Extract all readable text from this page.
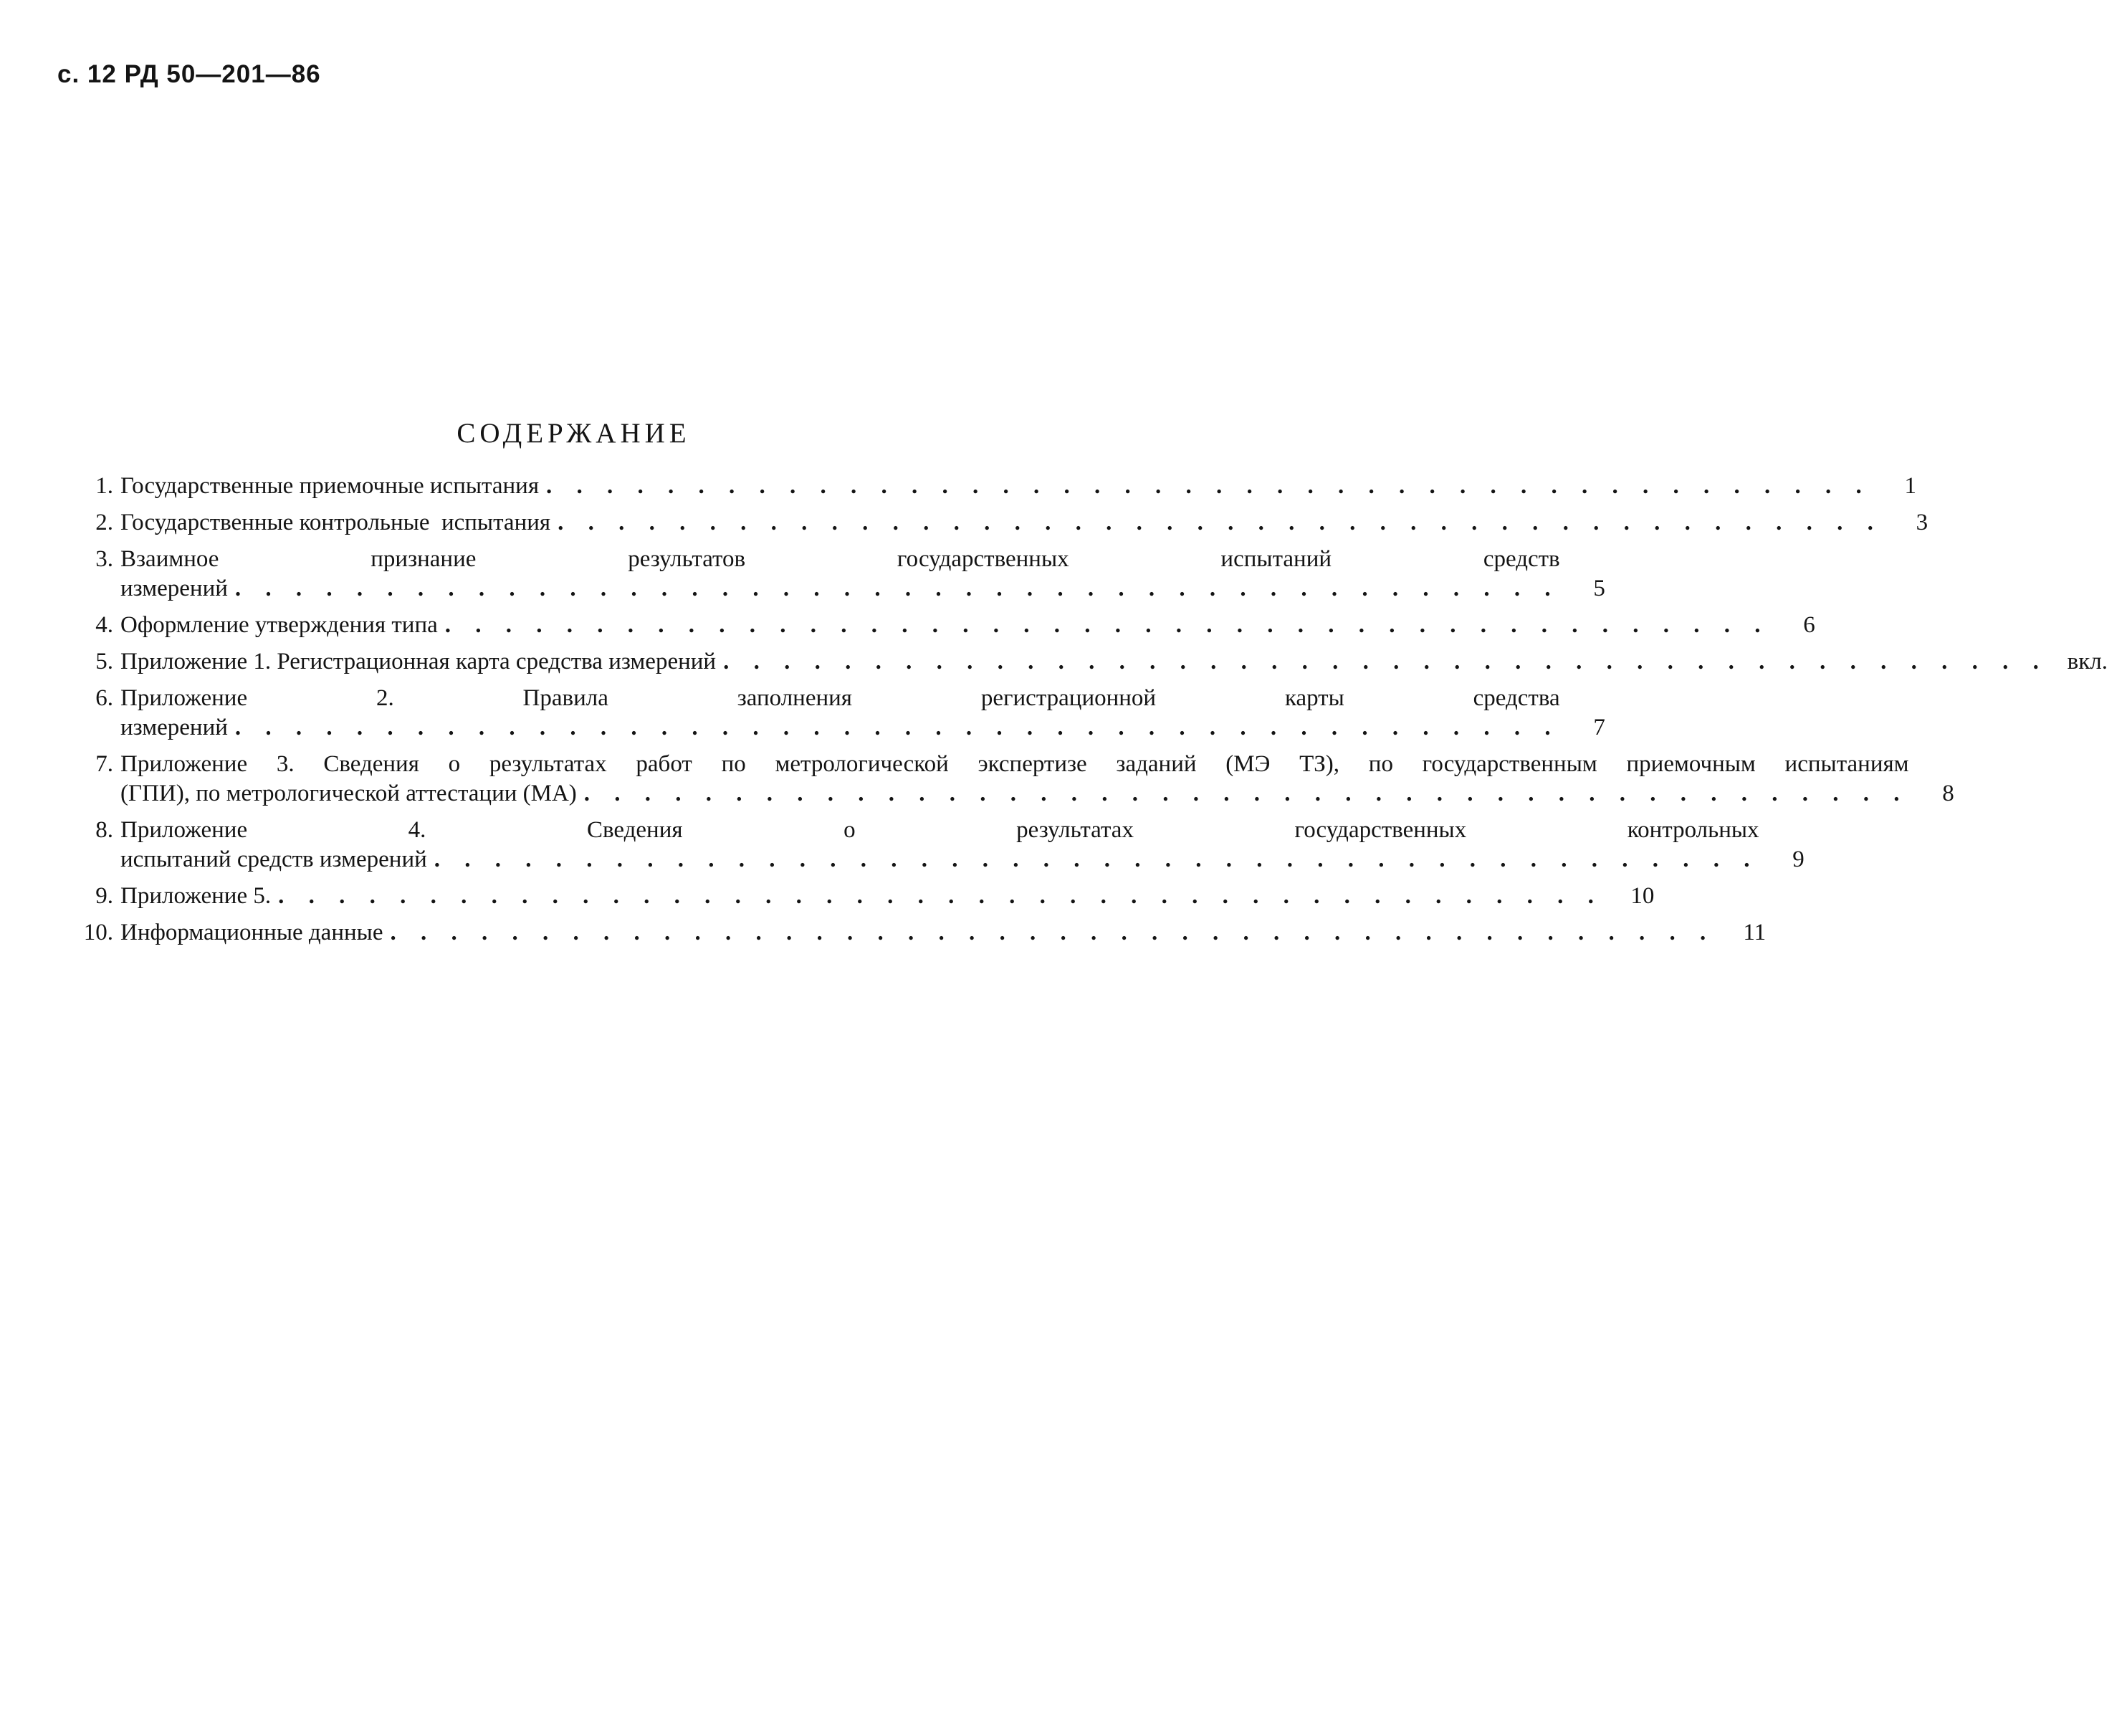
с. 12 РД 50—201—86
СОДЕРЖАНИЕ
1. Государственные приемочные испытания . . . . . . . . . . . . . . . . . . . . . . . . . . . . . . . . . . . . . . . . . . . .	1
2. Государственные контрольные  испытания . . . . . . . . . . . . . . . . . . . . . . . . . . . . . . . . . . . . . . . . . . . .	3
3. Взаимное признание результатов государственных испытаний средств
измерений . . . . . . . . . . . . . . . . . . . . . . . . . . . . . . . . . . . . . . . . . . . .	5
4. Оформление утверждения типа . . . . . . . . . . . . . . . . . . . . . . . . . . . . . . . . . . . . . . . . . . . .	6
5. Приложение 1. Регистрационная карта средства измерений . . . . . . . . . . . . . . . . . . . . . . . . . . . . . . . . . . . . . . . . . . . . вкл.
6. Приложение 2. Правила заполнения регистрационной карты средства
измерений . . . . . . . . . . . . . . . . . . . . . . . . . . . . . . . . . . . . . . . . . . . .	7
7. Приложение 3. Сведения о результатах работ по метрологической экспертизе заданий (МЭ ТЗ), по государственным приемочным испытаниям
(ГПИ), по метрологической аттестации (МА) . . . . . . . . . . . . . . . . . . . . . . . . . . . . . . . . . . . . . . . . . . . .	8
8. Приложение 4. Сведения о результатах государственных контрольных
испытаний средств измерений . . . . . . . . . . . . . . . . . . . . . . . . . . . . . . . . . . . . . . . . . . . .	9
9. Приложение 5. . . . . . . . . . . . . . . . . . . . . . . . . . . . . . . . . . . . . . . . . . . . .	10
10. Информационные данные . . . . . . . . . . . . . . . . . . . . . . . . . . . . . . . . . . . . . . . . . . . .	11
